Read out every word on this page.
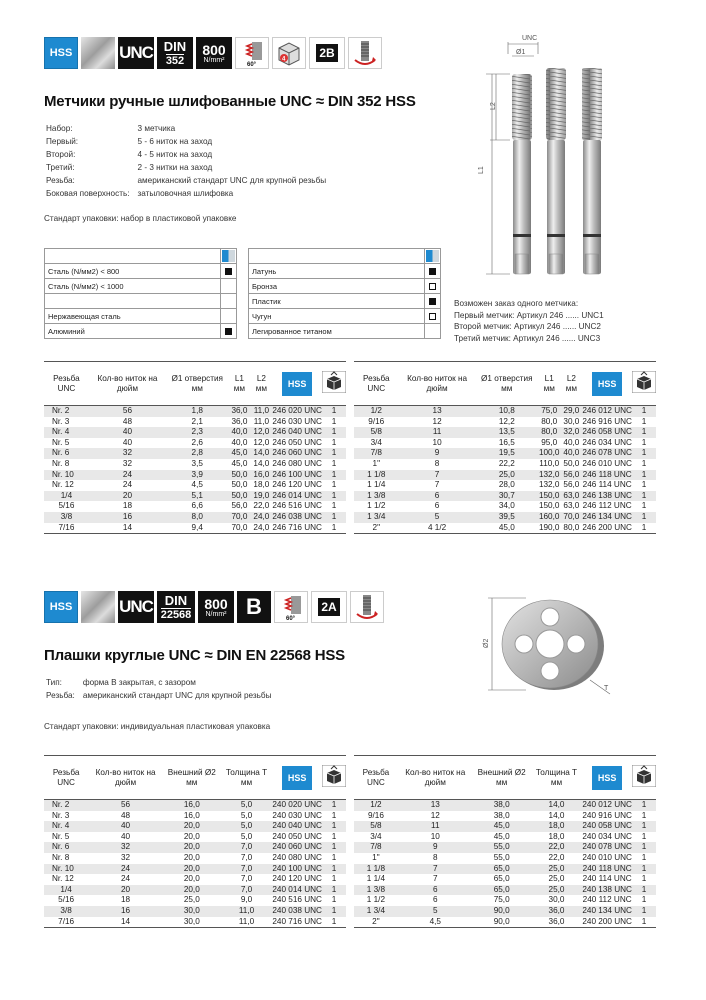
HSS	UNC DIN
352
800
N/mm²
60°
4	2B
Метчики ручные шлифованные UNC ≈ DIN 352 HSS
Набор:	3 метчика
Первый:	5 - 6 ниток на заход
Второй:	4 - 5 ниток на заход
Третий:	2 - 3 нитки на заход
Резьба:	американский стандарт UNC для крупной резьбы
Боковая поверхность:	затыловочная шлифовка
Стандарт упаковки: набор в пластиковой упаковке

Сталь (N/мм2) < 800	
Сталь (N/мм2) < 1000	

Нержавеющая сталь	
Алюминий	

Латунь	
Бронза	
Пластик	
Чугун	
Легированное титаном	
UNC
Ø1
L1
L2
Возможен заказ одного метчика:
Первый метчик: Артикул 246 ...... UNC1
Второй метчик: Артикул 246 ...... UNC2
Третий метчик: Артикул 246 ...... UNC3
Резьба UNC	Кол-во ниток на дюйм	Ø1 отверстия мм	L1 мм	L2 мм	HSS	
Nr. 2	56	1,8	36,0	11,0	246 020 UNC	1
Nr. 3	48	2,1	36,0	11,0	246 030 UNC	1
Nr. 4	40	2,3	40,0	12,0	246 040 UNC	1
Nr. 5	40	2,6	40,0	12,0	246 050 UNC	1
Nr. 6	32	2,8	45,0	14,0	246 060 UNC	1
Nr. 8	32	3,5	45,0	14,0	246 080 UNC	1
Nr. 10	24	3,9	50,0	16,0	246 100 UNC	1
Nr. 12	24	4,5	50,0	18,0	246 120 UNC	1
1/4	20	5,1	50,0	19,0	246 014 UNC	1
5/16	18	6,6	56,0	22,0	246 516 UNC	1
3/8	16	8,0	70,0	24,0	246 038 UNC	1
7/16	14	9,4	70,0	24,0	246 716 UNC	1
Резьба UNC	Кол-во ниток на дюйм	Ø1 отверстия мм	L1 мм	L2 мм	HSS	
1/2	13	10,8	75,0	29,0	246 012 UNC	1
9/16	12	12,2	80,0	30,0	246 916 UNC	1
5/8	11	13,5	80,0	32,0	246 058 UNC	1
3/4	10	16,5	95,0	40,0	246 034 UNC	1
7/8	9	19,5	100,0	40,0	246 078 UNC	1
1"	8	22,2	110,0	50,0	246 010 UNC	1
1 1/8	7	25,0	132,0	56,0	246 118 UNC	1
1 1/4	7	28,0	132,0	56,0	246 114 UNC	1
1 3/8	6	30,7	150,0	63,0	246 138 UNC	1
1 1/2	6	34,0	150,0	63,0	246 112 UNC	1
1 3/4	5	39,5	160,0	70,0	246 134 UNC	1
2"	4 1/2	45,0	190,0	80,0	246 200 UNC	1
HSS	UNC DIN
22568
800
N/mm² B	60°
2A
Плашки круглые UNC ≈ DIN EN 22568 HSS
Тип:	форма B закрытая, с зазором
Резьба:	американский стандарт UNC для крупной резьбы
Стандарт упаковки: индивидуальная пластиковая упаковка
Ø2
T
Резьба UNC	Кол-во ниток на дюйм	Внешний Ø2 мм	Толщина T мм	HSS	
Nr. 2	56	16,0	5,0	240 020 UNC	1
Nr. 3	48	16,0	5,0	240 030 UNC	1
Nr. 4	40	20,0	5,0	240 040 UNC	1
Nr. 5	40	20,0	5,0	240 050 UNC	1
Nr. 6	32	20,0	7,0	240 060 UNC	1
Nr. 8	32	20,0	7,0	240 080 UNC	1
Nr. 10	24	20,0	7,0	240 100 UNC	1
Nr. 12	24	20,0	7,0	240 120 UNC	1
1/4	20	20,0	7,0	240 014 UNC	1
5/16	18	25,0	9,0	240 516 UNC	1
3/8	16	30,0	11,0	240 038 UNC	1
7/16	14	30,0	11,0	240 716 UNC	1
Резьба UNC	Кол-во ниток на дюйм	Внешний Ø2 мм	Толщина T мм	HSS	
1/2	13	38,0	14,0	240 012 UNC	1
9/16	12	38,0	14,0	240 916 UNC	1
5/8	11	45,0	18,0	240 058 UNC	1
3/4	10	45,0	18,0	240 034 UNC	1
7/8	9	55,0	22,0	240 078 UNC	1
1"	8	55,0	22,0	240 010 UNC	1
1 1/8	7	65,0	25,0	240 118 UNC	1
1 1/4	7	65,0	25,0	240 114 UNC	1
1 3/8	6	65,0	25,0	240 138 UNC	1
1 1/2	6	75,0	30,0	240 112 UNC	1
1 3/4	5	90,0	36,0	240 134 UNC	1
2"	4,5	90,0	36,0	240 200 UNC	1
